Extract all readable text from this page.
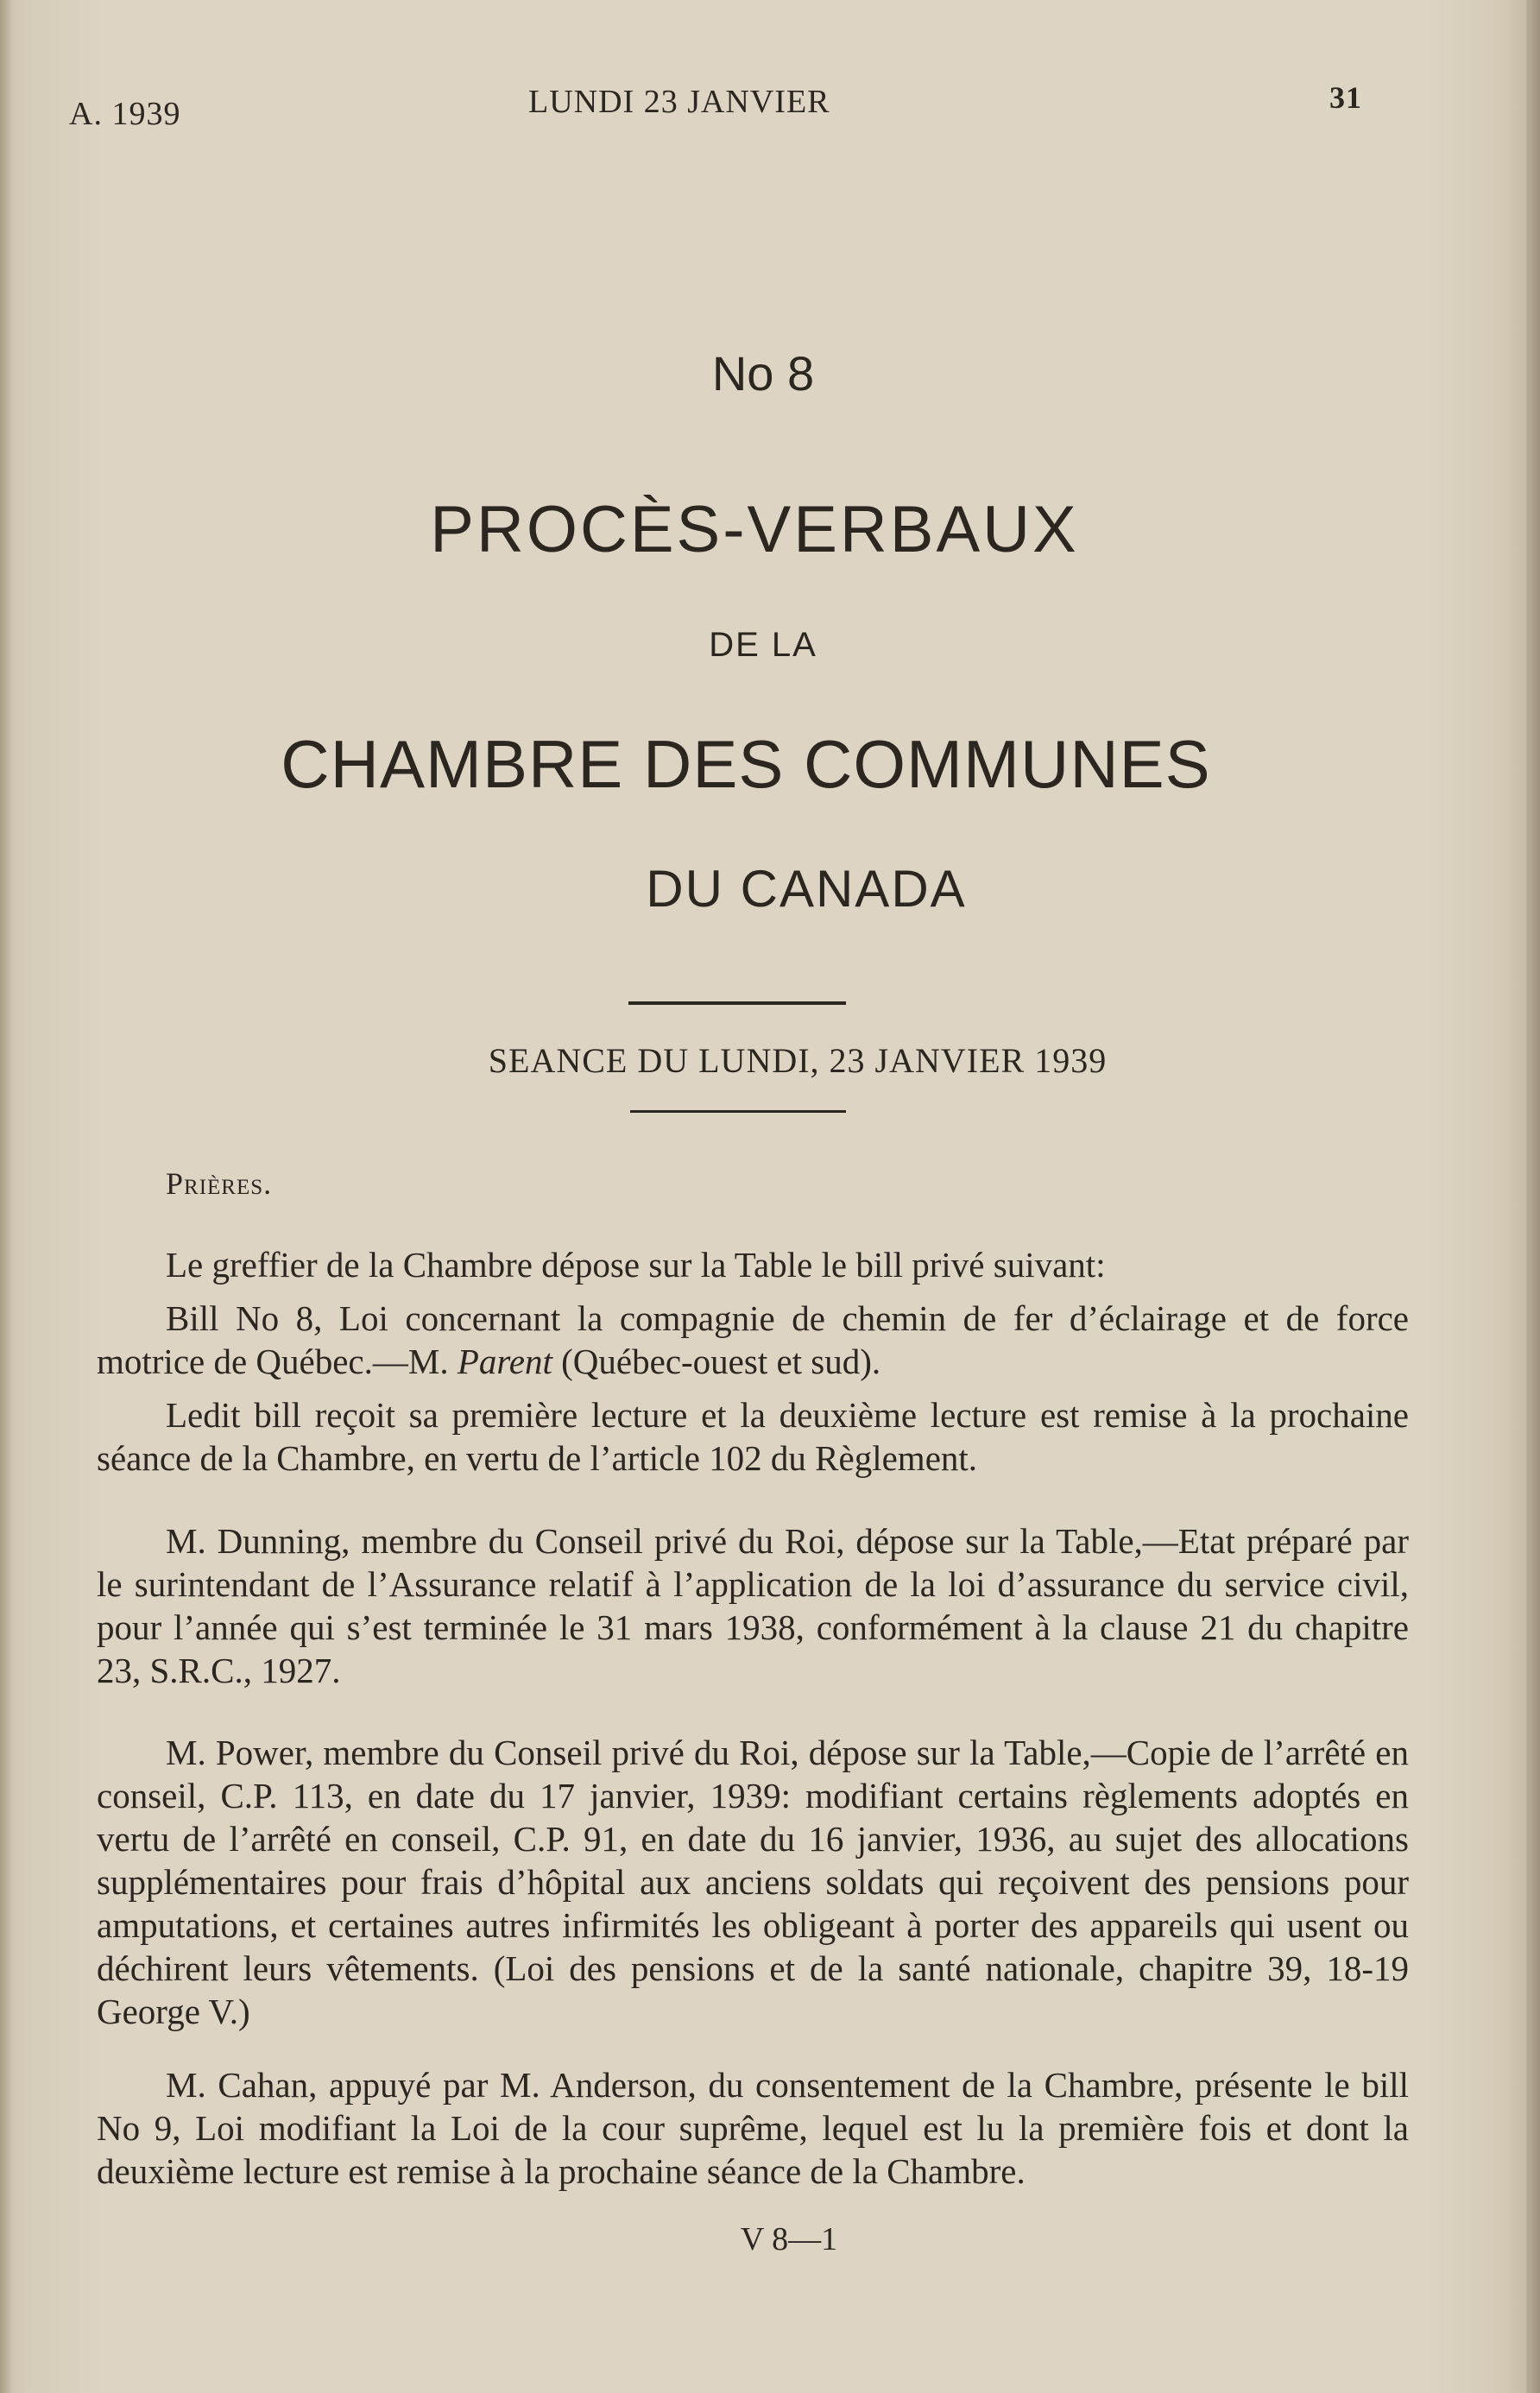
A. 1939	LUNDI 23 JANVIER	31
No 8
PROCÈS-VERBAUX
DE LA
CHAMBRE DES COMMUNES
DU CANADA
SEANCE DU LUNDI, 23 JANVIER 1939
Prières.

Le greffier de la Chambre dépose sur la Table le bill privé suivant:

Bill No 8, Loi concernant la compagnie de chemin de fer d’éclairage et de force motrice de Québec.—M. Parent (Québec-ouest et sud).

Ledit bill reçoit sa première lecture et la deuxième lecture est remise à la prochaine séance de la Chambre, en vertu de l’article 102 du Règlement.

M. Dunning, membre du Conseil privé du Roi, dépose sur la Table,—Etat préparé par le surintendant de l’Assurance relatif à l’application de la loi d’assurance du service civil, pour l’année qui s’est terminée le 31 mars 1938, conformément à la clause 21 du chapitre 23, S.R.C., 1927.

M. Power, membre du Conseil privé du Roi, dépose sur la Table,—Copie de l’arrêté en conseil, C.P. 113, en date du 17 janvier, 1939: modifiant certains règlements adoptés en vertu de l’arrêté en conseil, C.P. 91, en date du 16 janvier, 1936, au sujet des allocations supplémentaires pour frais d’hôpital aux anciens soldats qui reçoivent des pensions pour amputations, et certaines autres infirmités les obligeant à porter des appareils qui usent ou déchirent leurs vêtements. (Loi des pensions et de la santé nationale, chapitre 39, 18-19 George V.)

M. Cahan, appuyé par M. Anderson, du consentement de la Chambre, présente le bill No 9, Loi modifiant la Loi de la cour suprême, lequel est lu la première fois et dont la deuxième lecture est remise à la prochaine séance de la Chambre.

V 8—1
